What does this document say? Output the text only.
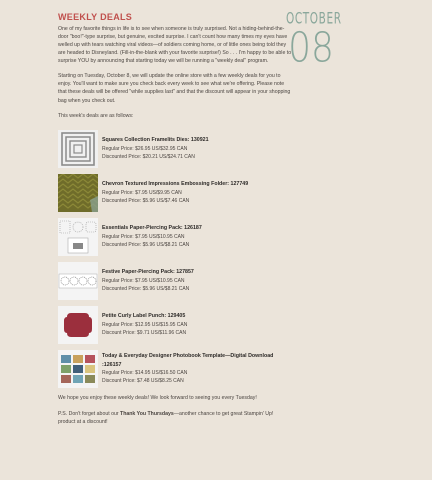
WEEKLY DEALS

One of my favorite things in life is to see when someone is truly surprised. Not a hiding-behind-the-door "boo!"-type surprise, but genuine, excited surprise. I can't count how many times my eyes have welled up with tears watching viral videos—of soldiers coming home, or of little ones being told they are headed to Disneyland. (Fill-in-the-blank with your favorite surprise!) So . . . I'm happy to be able to surprise YOU by announcing that starting today we will be running a "weekly deal" program.

Starting on Tuesday, October 8, we will update the online store with a few weekly deals for you to enjoy. You'll want to make sure you check back every week to see what we're offering. Please note that these deals will be offered "while supplies last" and that the discount will appear in your shopping bag when you check out.

This week's deals are as follows:

Squares Collection Framelits Dies: 130921
Regular Price: $26.95 US/$32.95 CAN
Discounted Price: $20.21 US/$24.71 CAN
Chevron Textured Impressions Embossing Folder: 127749
Regular Price: $7.95 US/$9.95 CAN
Discounted Price: $5.96 US/$7.46 CAN
Essentials Paper-Piercing Pack: 126187
Regular Price: $7.95 US/$10.95 CAN
Discounted Price: $5.96 US/$8.21 CAN
Festive Paper-Piercing Pack: 127857
Regular Price: $7.95 US/$10.95 CAN
Discounted Price: $5.96 US/$8.21 CAN
Petite Curly Label Punch: 129405
Regular Price: $12.95 US/$15.95 CAN
Discount Price: $9.71 US/$11.96 CAN
Today & Everyday Designer Photobook Template—Digital Download :126157
Regular Price: $14.95 US/$16.50 CAN
Discount Price: $7.48 US/$8.25 CAN

We hope you enjoy these weekly deals! We look forward to seeing you every Tuesday!

P.S. Don't forget about our Thank You Thursdays—another chance to get great Stampin' Up! product at a discount!

OCTOBER
08
